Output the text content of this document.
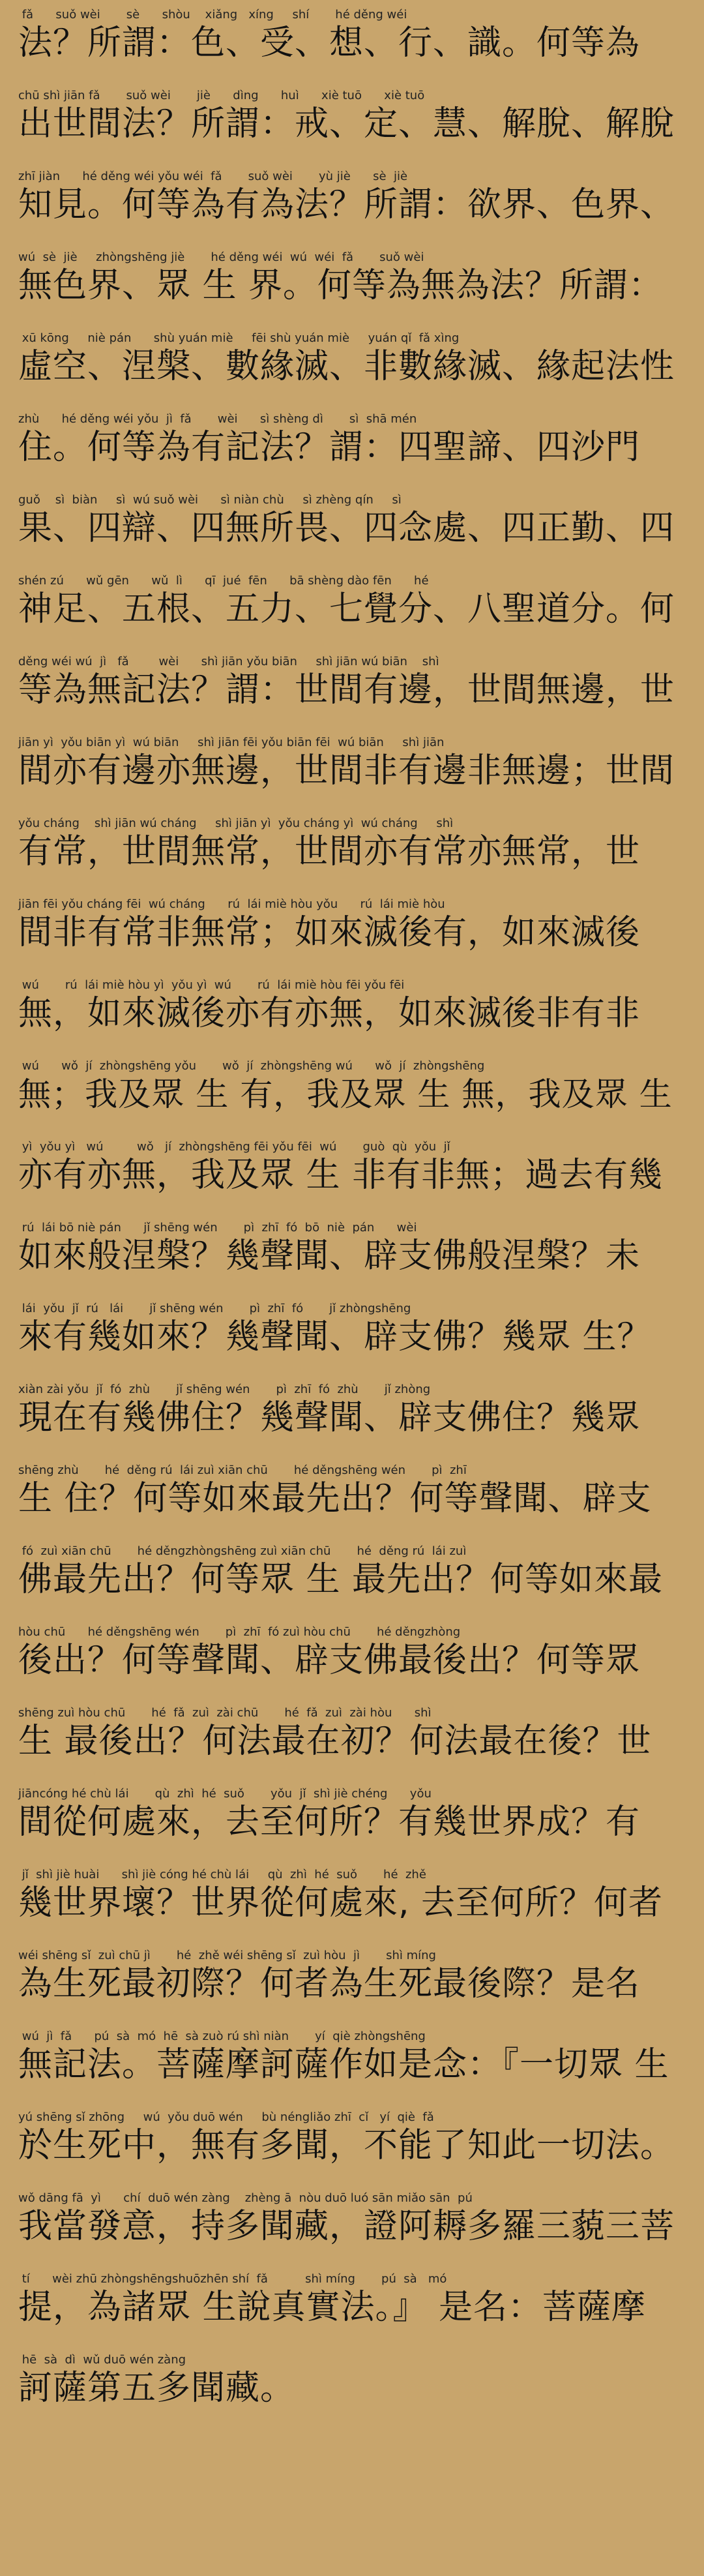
fǎ      suǒ wèi       sè      shòu    xiǎng   xíng     shí       hé děng wéi
法？所謂：色、受、想、行、識。何等為
chū shì jiān fǎ       suǒ wèi       jiè      dìng      huì      xiè tuō      xiè tuō
出世間法？所謂：戒、定、慧、解脫、解脫
zhī jiàn      hé děng wéi yǒu wéi  fǎ       suǒ wèi       yù jiè      sè  jiè
知見。何等為有為法？所謂：欲界、色界、
wú  sè  jiè     zhòngshēng jiè       hé děng wéi  wú  wéi  fǎ       suǒ wèi
無色界、眾 生 界。何等為無為法？所謂：
xū kōng     niè pán      shù yuán miè     fēi shù yuán miè     yuán qǐ  fǎ xìng
虛空、涅槃、數緣滅、非數緣滅、緣起法性
zhù      hé děng wéi yǒu  jì  fǎ       wèi      sì shèng dì       sì  shā mén
住。何等為有記法？謂：四聖諦、四沙門
guǒ    sì  biàn     sì  wú suǒ wèi      sì niàn chù     sì zhèng qín     sì
果、四辯、四無所畏、四念處、四正勤、四
shén zú      wǔ gēn      wǔ  lì      qī  jué  fēn      bā shèng dào fēn      hé
神足、五根、五力、七覺分、八聖道分。何
děng wéi wú  jì   fǎ        wèi      shì jiān yǒu biān     shì jiān wú biān    shì
等為無記法？謂：世間有邊，世間無邊，世
jiān yì  yǒu biān yì  wú biān     shì jiān fēi yǒu biān fēi  wú biān     shì jiān
間亦有邊亦無邊，世間非有邊非無邊；世間
yǒu cháng    shì jiān wú cháng     shì jiān yì  yǒu cháng yì  wú cháng     shì
有常，世間無常，世間亦有常亦無常，世
jiān fēi yǒu cháng fēi  wú cháng      rú  lái miè hòu yǒu      rú  lái miè hòu
間非有常非無常；如來滅後有，如來滅後
wú       rú  lái miè hòu yì  yǒu yì  wú       rú  lái miè hòu fēi yǒu fēi
無，如來滅後亦有亦無，如來滅後非有非
wú      wǒ  jí  zhòngshēng yǒu       wǒ  jí  zhòngshēng wú      wǒ  jí  zhòngshēng
無；我及眾 生 有，我及眾 生 無，我及眾 生
yì  yǒu yì   wú         wǒ   jí  zhòngshēng fēi yǒu fēi  wú       guò  qù  yǒu  jǐ
亦有亦無，我及眾 生 非有非無；過去有幾
rú  lái bō niè pán      jǐ shēng wén       pì  zhī  fó  bō  niè  pán      wèi
如來般涅槃？幾聲聞、辟支佛般涅槃？未
lái  yǒu  jǐ  rú   lái       jǐ shēng wén       pì  zhī  fó       jǐ zhòngshēng
來有幾如來？幾聲聞、辟支佛？幾眾 生？
xiàn zài yǒu  jǐ  fó  zhù       jǐ shēng wén       pì  zhī  fó  zhù       jǐ zhòng
現在有幾佛住？幾聲聞、辟支佛住？幾眾
shēng zhù       hé  děng rú  lái zuì xiān chū       hé děngshēng wén       pì  zhī
生 住？何等如來最先出？何等聲聞、辟支
fó  zuì xiān chū       hé děngzhòngshēng zuì xiān chū       hé  děng rú  lái zuì
佛最先出？何等眾 生 最先出？何等如來最
hòu chū      hé děngshēng wén       pì  zhī  fó zuì hòu chū       hé děngzhòng
後出？何等聲聞、辟支佛最後出？何等眾
shēng zuì hòu chū       hé  fǎ  zuì  zài chū       hé  fǎ  zuì  zài hòu      shì
生 最後出？何法最在初？何法最在後？世
jiāncóng hé chù lái       qù  zhì  hé  suǒ       yǒu  jǐ  shì jiè chéng      yǒu
間從何處來，去至何所？有幾世界成？有
jǐ  shì jiè huài      shì jiè cóng hé chù lái     qù  zhì  hé  suǒ       hé  zhě
幾世界壞？世界從何處來, 去至何所？何者
wéi shēng sǐ  zuì chū jì       hé  zhě wéi shēng sǐ  zuì hòu  jì       shì míng
為生死最初際？何者為生死最後際？是名
wú  jì  fǎ      pú  sà  mó  hē  sà zuò rú shì niàn       yí  qiè zhòngshēng
無記法。菩薩摩訶薩作如是念：『一切眾 生
yú shēng sǐ zhōng     wú  yǒu duō wén     bù néngliǎo zhī  cǐ   yí  qiè  fǎ
於生死中，無有多聞，不能了知此一切法。
wǒ dāng fā  yì      chí  duō wén zàng    zhèng ā  nòu duō luó sān miǎo sān  pú
我當發意，持多聞藏，證阿耨多羅三藐三菩
tí      wèi zhū zhòngshēngshuōzhēn shí  fǎ          shì míng       pú  sà   mó
提，為諸眾 生說真實法。』 是名：菩薩摩
hē  sà  dì  wǔ duō wén zàng
訶薩第五多聞藏。
